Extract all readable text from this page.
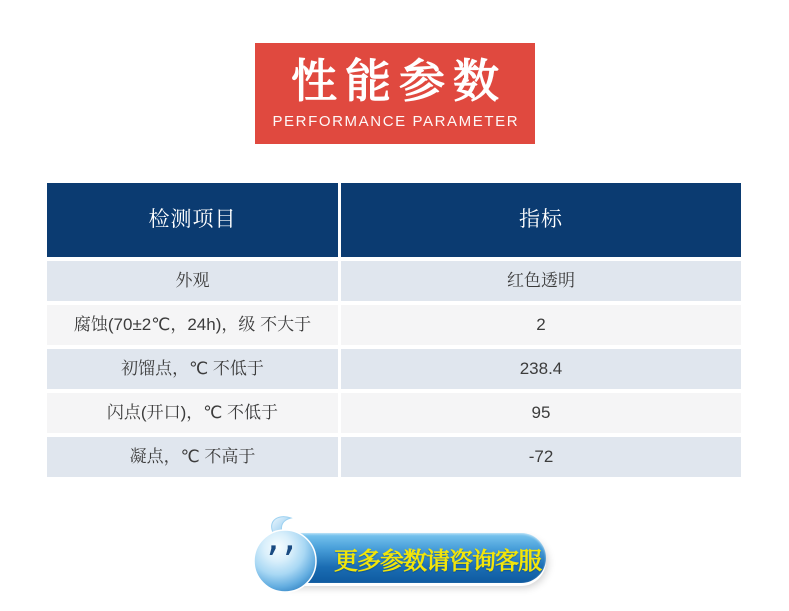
性能参数
PERFORMANCE PARAMETER
检测项目	指标
外观	红色透明
腐蚀(70±2℃，24h)，级 不大于	2
初馏点，℃ 不低于	238.4
闪点(开口)，℃ 不低于	95
凝点，℃ 不高于	-72
更多参数请咨询客服
’’
